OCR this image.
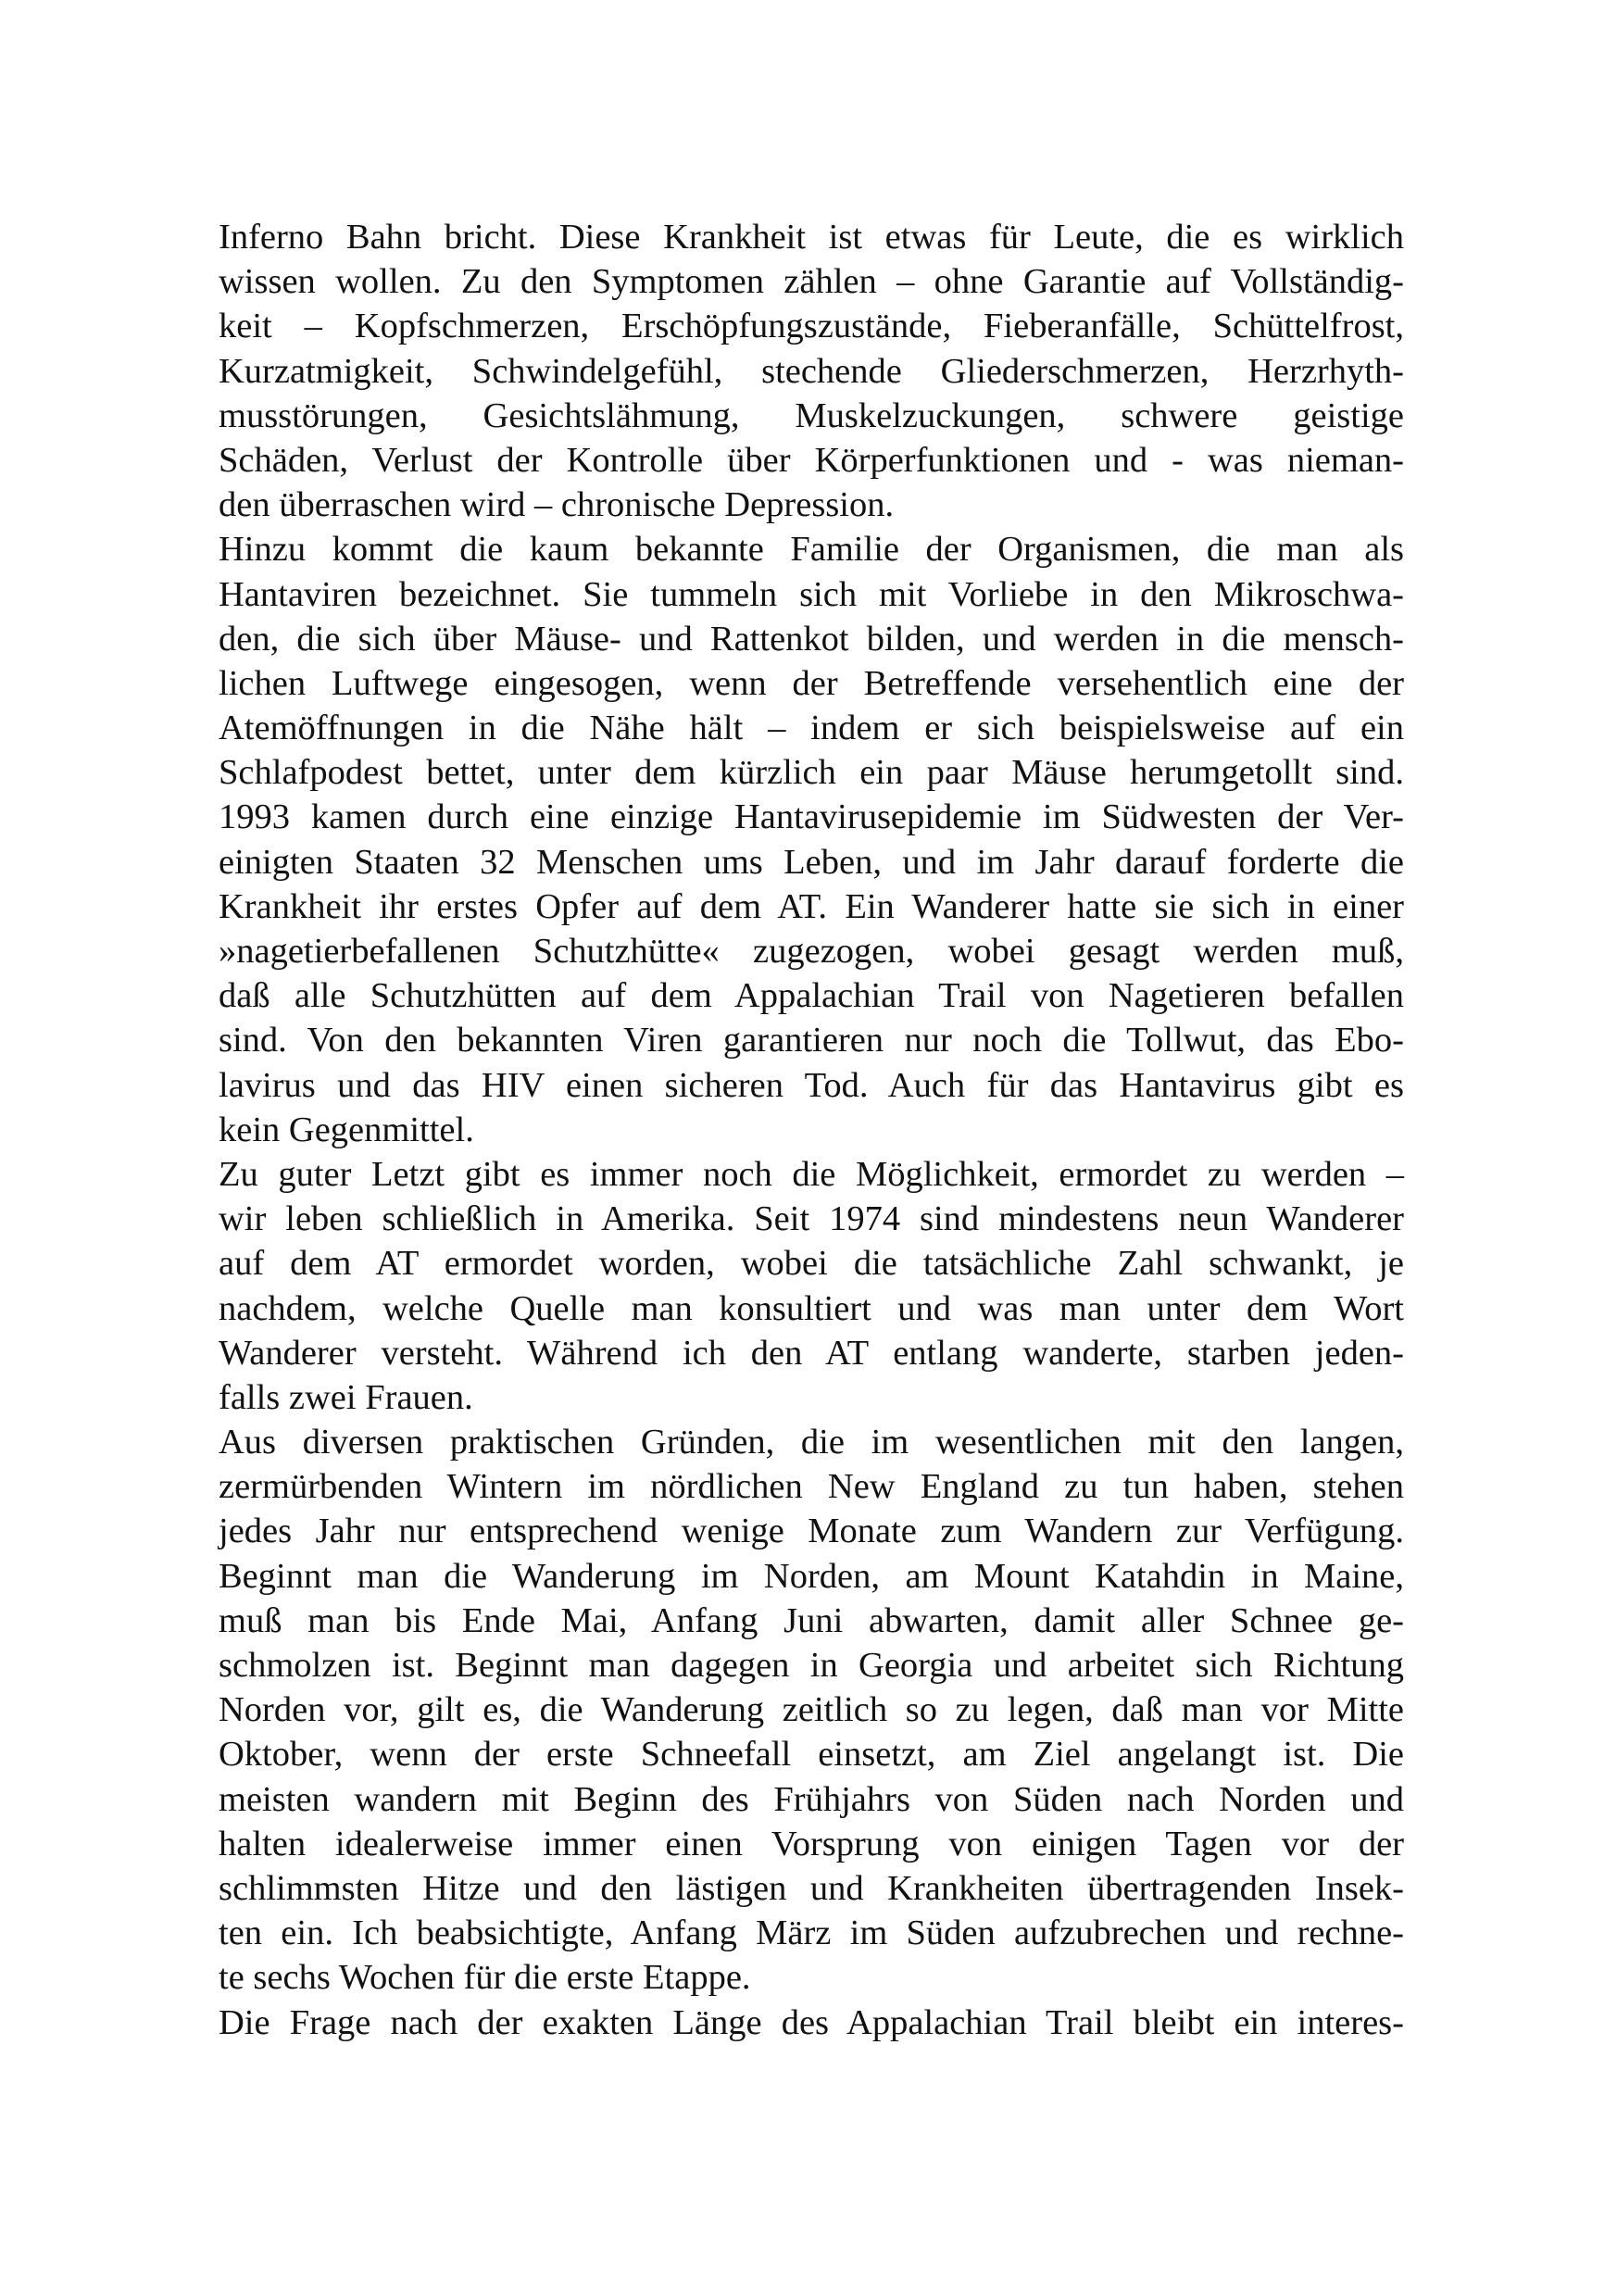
Inferno Bahn bricht. Diese Krankheit ist etwas für Leute, die es wirklich
wissen wollen. Zu den Symptomen zählen – ohne Garantie auf Vollständig-
keit – Kopfschmerzen, Erschöpfungszustände, Fieberanfälle, Schüttelfrost,
Kurzatmigkeit, Schwindelgefühl, stechende Gliederschmerzen, Herzrhyth-
musstörungen, Gesichtslähmung, Muskelzuckungen, schwere geistige
Schäden, Verlust der Kontrolle über Körperfunktionen und - was nieman-
den überraschen wird – chronische Depression.
Hinzu kommt die kaum bekannte Familie der Organismen, die man als
Hantaviren bezeichnet. Sie tummeln sich mit Vorliebe in den Mikroschwa-
den, die sich über Mäuse- und Rattenkot bilden, und werden in die mensch-
lichen Luftwege eingesogen, wenn der Betreffende versehentlich eine der
Atemöffnungen in die Nähe hält – indem er sich beispielsweise auf ein
Schlafpodest bettet, unter dem kürzlich ein paar Mäuse herumgetollt sind.
1993 kamen durch eine einzige Hantavirusepidemie im Südwesten der Ver-
einigten Staaten 32 Menschen ums Leben, und im Jahr darauf forderte die
Krankheit ihr erstes Opfer auf dem AT. Ein Wanderer hatte sie sich in einer
»nagetierbefallenen Schutzhütte« zugezogen, wobei gesagt werden muß,
daß alle Schutzhütten auf dem Appalachian Trail von Nagetieren befallen
sind. Von den bekannten Viren garantieren nur noch die Tollwut, das Ebo-
lavirus und das HIV einen sicheren Tod. Auch für das Hantavirus gibt es
kein Gegenmittel.
Zu guter Letzt gibt es immer noch die Möglichkeit, ermordet zu werden –
wir leben schließlich in Amerika. Seit 1974 sind mindestens neun Wanderer
auf dem AT ermordet worden, wobei die tatsächliche Zahl schwankt, je
nachdem, welche Quelle man konsultiert und was man unter dem Wort
Wanderer versteht. Während ich den AT entlang wanderte, starben jeden-
falls zwei Frauen.
Aus diversen praktischen Gründen, die im wesentlichen mit den langen,
zermürbenden Wintern im nördlichen New England zu tun haben, stehen
jedes Jahr nur entsprechend wenige Monate zum Wandern zur Verfügung.
Beginnt man die Wanderung im Norden, am Mount Katahdin in Maine,
muß man bis Ende Mai, Anfang Juni abwarten, damit aller Schnee ge-
schmolzen ist. Beginnt man dagegen in Georgia und arbeitet sich Richtung
Norden vor, gilt es, die Wanderung zeitlich so zu legen, daß man vor Mitte
Oktober, wenn der erste Schneefall einsetzt, am Ziel angelangt ist. Die
meisten wandern mit Beginn des Frühjahrs von Süden nach Norden und
halten idealerweise immer einen Vorsprung von einigen Tagen vor der
schlimmsten Hitze und den lästigen und Krankheiten übertragenden Insek-
ten ein. Ich beabsichtigte, Anfang März im Süden aufzubrechen und rechne-
te sechs Wochen für die erste Etappe.
Die Frage nach der exakten Länge des Appalachian Trail bleibt ein interes-
